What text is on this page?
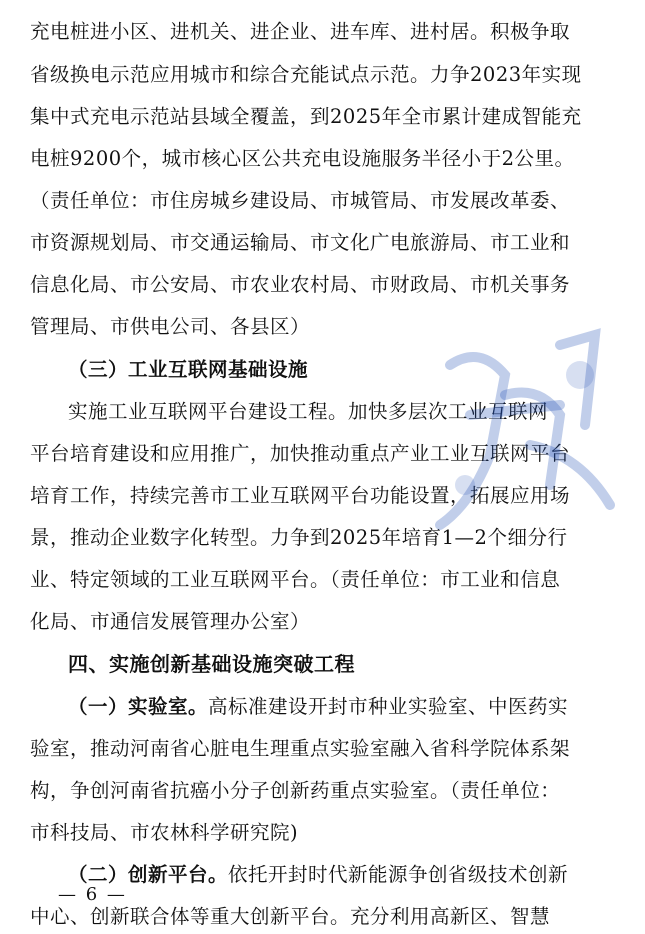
充电桩进小区、进机关、进企业、进车库、进村居。积极争取
省级换电示范应用城市和综合充能试点示范。力争2023年实现
集中式充电示范站县域全覆盖，到2025年全市累计建成智能充
电桩9200个，城市核心区公共充电设施服务半径小于2公里。
（责任单位：市住房城乡建设局、市城管局、市发展改革委、
市资源规划局、市交通运输局、市文化广电旅游局、市工业和
信息化局、市公安局、市农业农村局、市财政局、市机关事务
管理局、市供电公司、各县区）
（三）工业互联网基础设施
实施工业互联网平台建设工程。加快多层次工业互联网
平台培育建设和应用推广，加快推动重点产业工业互联网平台
培育工作，持续完善市工业互联网平台功能设置，拓展应用场
景，推动企业数字化转型。力争到2025年培育1—2个细分行
业、特定领域的工业互联网平台。（责任单位：市工业和信息
化局、市通信发展管理办公室）
四、实施创新基础设施突破工程
（一）实验室。高标准建设开封市种业实验室、中医药实
验室，推动河南省心脏电生理重点实验室融入省科学院体系架
构，争创河南省抗癌小分子创新药重点实验室。（责任单位：
市科技局、市农林科学研究院)
（二）创新平台。依托开封时代新能源争创省级技术创新
中心、创新联合体等重大创新平台。充分利用高新区、智慧
— 6 —
